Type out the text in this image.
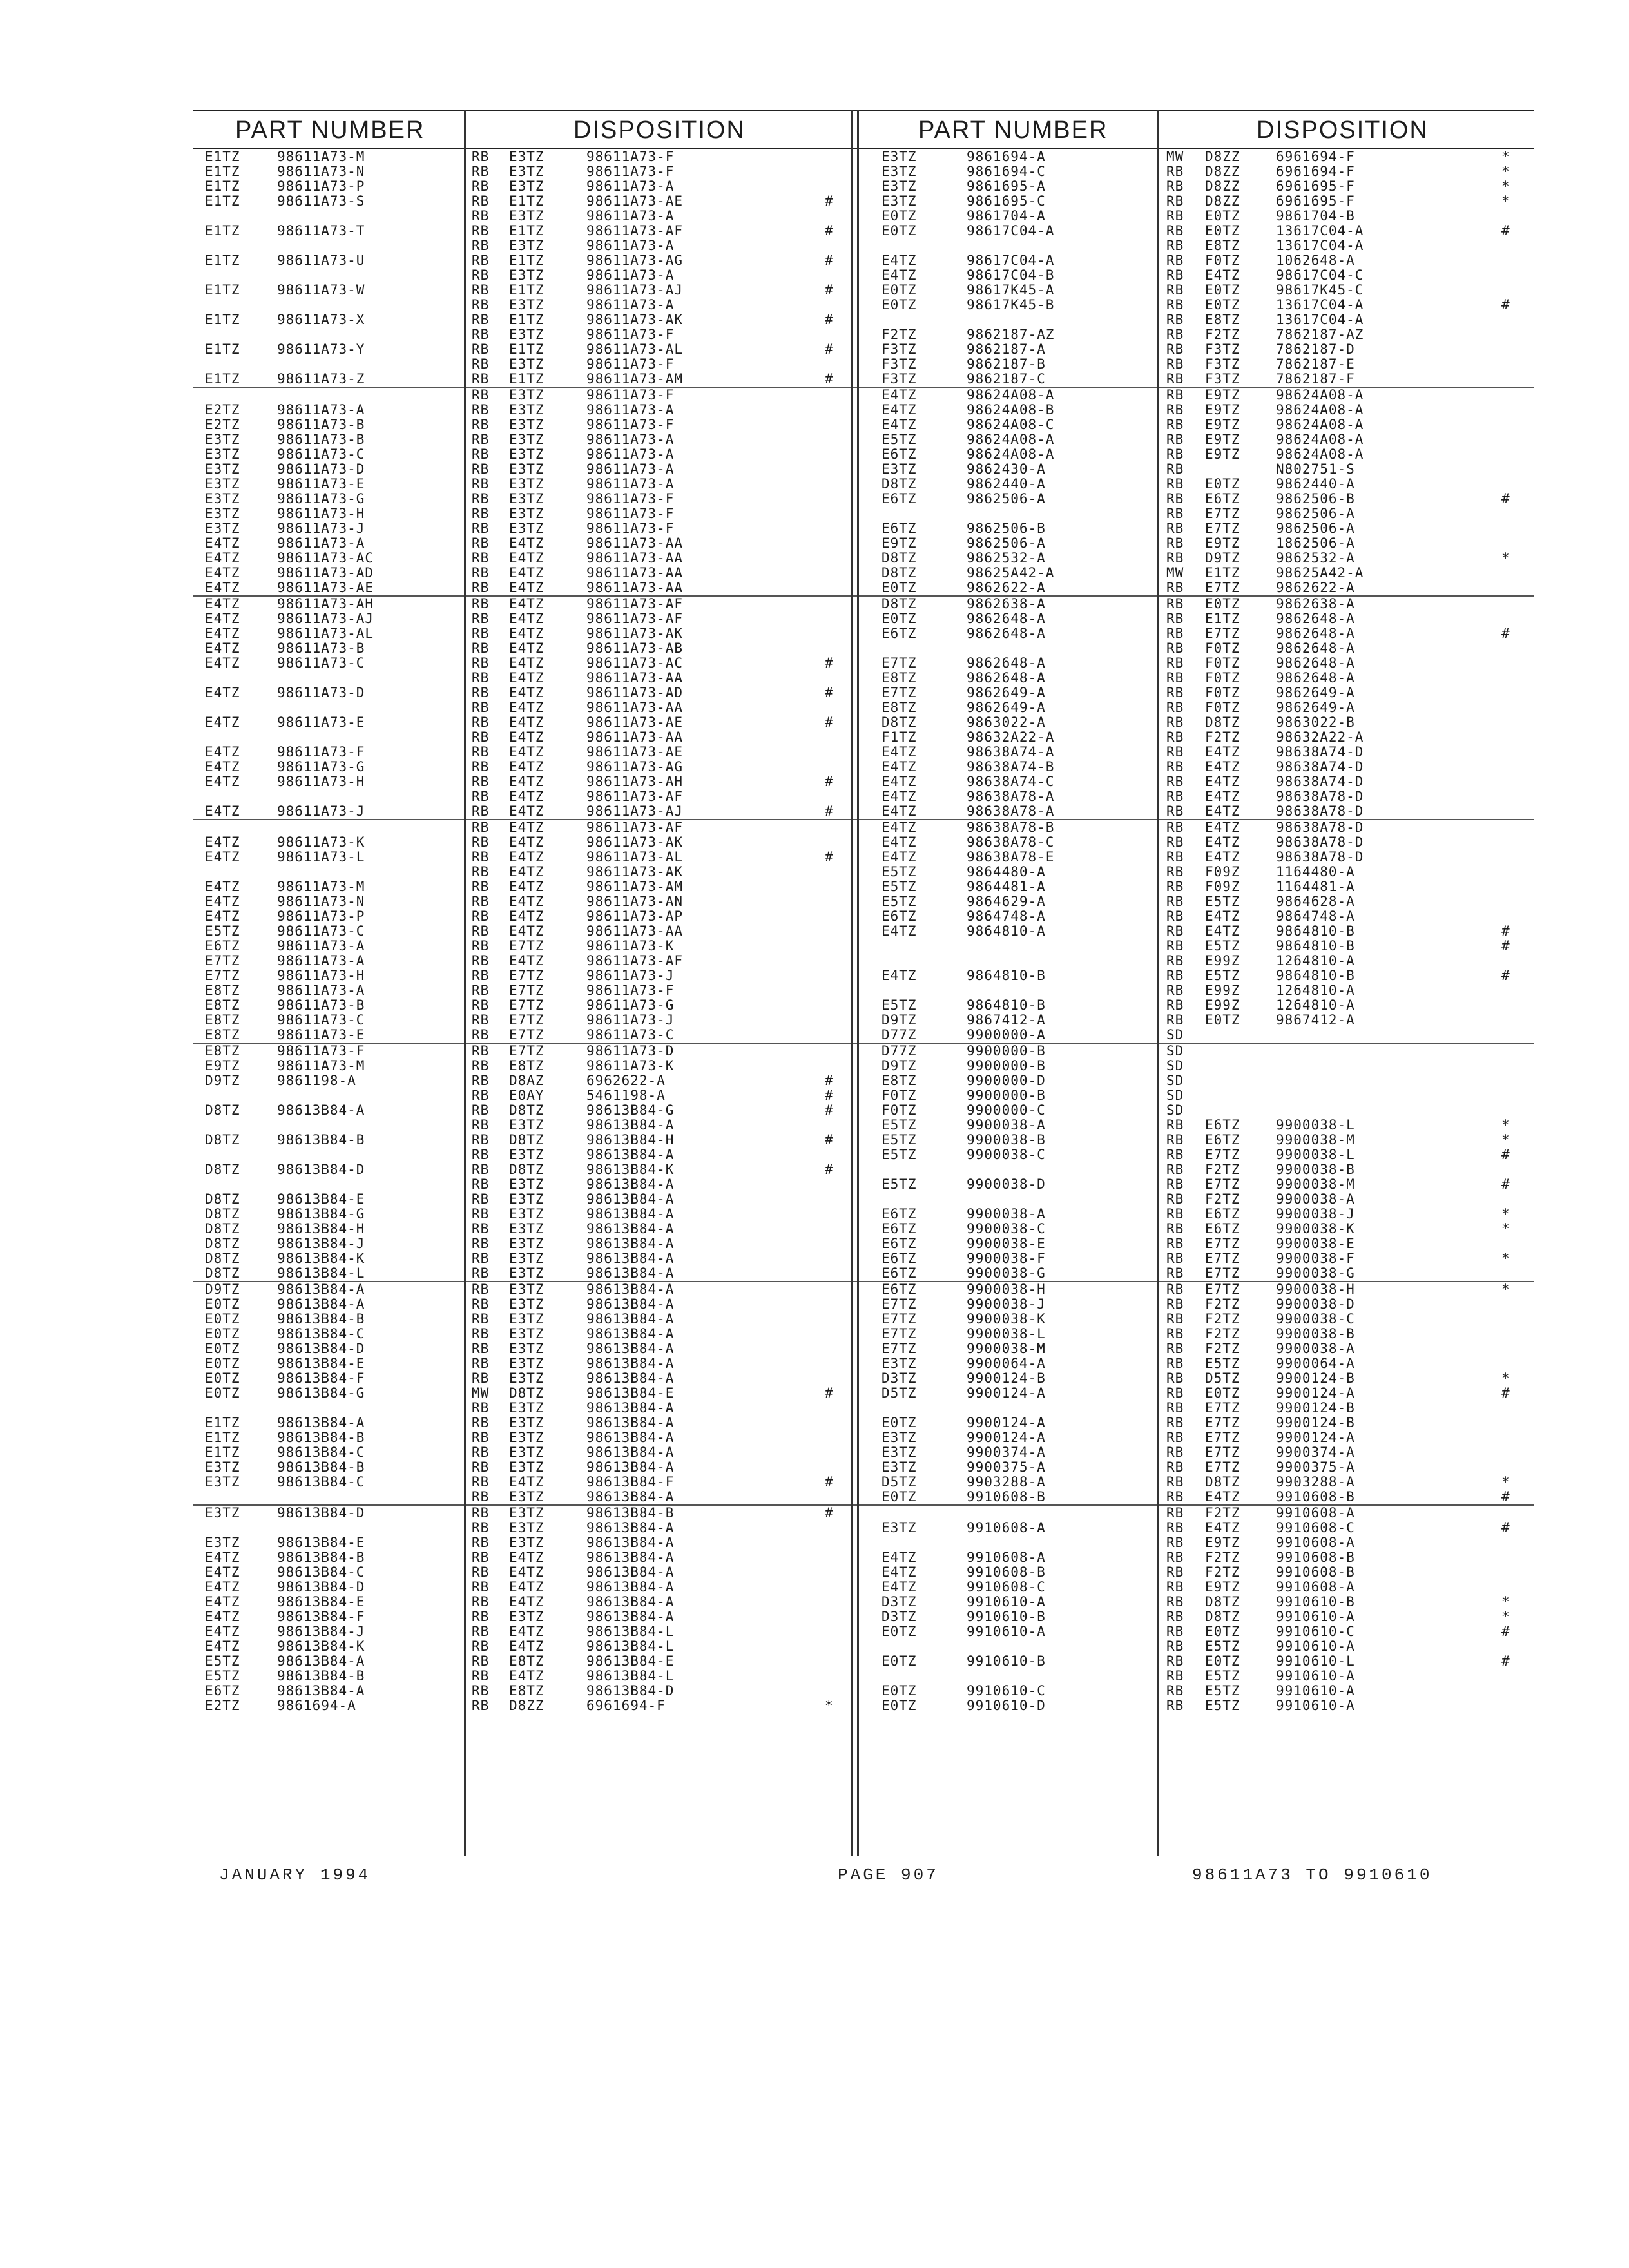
PART NUMBER	DISPOSITION
E1TZ	98611A73-M	RB E3TZ	98611A73-F
E1TZ	98611A73-N	RB E3TZ	98611A73-F
E1TZ	98611A73-P	RB E3TZ	98611A73-A
E1TZ	98611A73-S	RB E1TZ	98611A73-AE	#
RB E3TZ	98611A73-A
E1TZ	98611A73-T	RB E1TZ	98611A73-AF	#
RB E3TZ	98611A73-A
E1TZ	98611A73-U	RB E1TZ	98611A73-AG	#
RB E3TZ	98611A73-A
E1TZ	98611A73-W	RB E1TZ	98611A73-AJ	#
RB E3TZ	98611A73-A
E1TZ	98611A73-X	RB E1TZ	98611A73-AK	#
RB E3TZ	98611A73-F
E1TZ	98611A73-Y	RB E1TZ	98611A73-AL	#
RB E3TZ	98611A73-F
E1TZ	98611A73-Z	RB E1TZ	98611A73-AM	#
RB E3TZ	98611A73-F
E2TZ	98611A73-A	RB E3TZ	98611A73-A
E2TZ	98611A73-B	RB E3TZ	98611A73-F
E3TZ	98611A73-B	RB E3TZ	98611A73-A
E3TZ	98611A73-C	RB E3TZ	98611A73-A
E3TZ	98611A73-D	RB E3TZ	98611A73-A
E3TZ	98611A73-E	RB E3TZ	98611A73-A
E3TZ	98611A73-G	RB E3TZ	98611A73-F
E3TZ	98611A73-H	RB E3TZ	98611A73-F
E3TZ	98611A73-J	RB E3TZ	98611A73-F
E4TZ	98611A73-A	RB E4TZ	98611A73-AA
E4TZ	98611A73-AC	RB E4TZ	98611A73-AA
E4TZ	98611A73-AD	RB E4TZ	98611A73-AA
E4TZ	98611A73-AE	RB E4TZ	98611A73-AA
E4TZ	98611A73-AH	RB E4TZ	98611A73-AF
E4TZ	98611A73-AJ	RB E4TZ	98611A73-AF
E4TZ	98611A73-AL	RB E4TZ	98611A73-AK
E4TZ	98611A73-B	RB E4TZ	98611A73-AB
E4TZ	98611A73-C	RB E4TZ	98611A73-AC	#
RB E4TZ	98611A73-AA
E4TZ	98611A73-D	RB E4TZ	98611A73-AD	#
RB E4TZ	98611A73-AA
E4TZ	98611A73-E	RB E4TZ	98611A73-AE	#
RB E4TZ	98611A73-AA
E4TZ	98611A73-F	RB E4TZ	98611A73-AE
E4TZ	98611A73-G	RB E4TZ	98611A73-AG
E4TZ	98611A73-H	RB E4TZ	98611A73-AH	#
RB E4TZ	98611A73-AF
E4TZ	98611A73-J	RB E4TZ	98611A73-AJ	#
RB E4TZ	98611A73-AF
E4TZ	98611A73-K	RB E4TZ	98611A73-AK
E4TZ	98611A73-L	RB E4TZ	98611A73-AL	#
RB E4TZ	98611A73-AK
E4TZ	98611A73-M	RB E4TZ	98611A73-AM
E4TZ	98611A73-N	RB E4TZ	98611A73-AN
E4TZ	98611A73-P	RB E4TZ	98611A73-AP
E5TZ	98611A73-C	RB E4TZ	98611A73-AA
E6TZ	98611A73-A	RB E7TZ	98611A73-K
E7TZ	98611A73-A	RB E4TZ	98611A73-AF
E7TZ	98611A73-H	RB E7TZ	98611A73-J
E8TZ	98611A73-A	RB E7TZ	98611A73-F
E8TZ	98611A73-B	RB E7TZ	98611A73-G
E8TZ	98611A73-C	RB E7TZ	98611A73-J
E8TZ	98611A73-E	RB E7TZ	98611A73-C
E8TZ	98611A73-F	RB E7TZ	98611A73-D
E9TZ	98611A73-M	RB E8TZ	98611A73-K
D9TZ	9861198-A	RB D8AZ	6962622-A	#
RB E0AY	5461198-A	#
D8TZ	98613B84-A	RB D8TZ	98613B84-G	#
RB E3TZ	98613B84-A
D8TZ	98613B84-B	RB D8TZ	98613B84-H	#
RB E3TZ	98613B84-A
D8TZ	98613B84-D	RB D8TZ	98613B84-K	#
RB E3TZ	98613B84-A
D8TZ	98613B84-E	RB E3TZ	98613B84-A
D8TZ	98613B84-G	RB E3TZ	98613B84-A
D8TZ	98613B84-H	RB E3TZ	98613B84-A
D8TZ	98613B84-J	RB E3TZ	98613B84-A
D8TZ	98613B84-K	RB E3TZ	98613B84-A
D8TZ	98613B84-L	RB E3TZ	98613B84-A
D9TZ	98613B84-A	RB E3TZ	98613B84-A
E0TZ	98613B84-A	RB E3TZ	98613B84-A
E0TZ	98613B84-B	RB E3TZ	98613B84-A
E0TZ	98613B84-C	RB E3TZ	98613B84-A
E0TZ	98613B84-D	RB E3TZ	98613B84-A
E0TZ	98613B84-E	RB E3TZ	98613B84-A
E0TZ	98613B84-F	RB E3TZ	98613B84-A
E0TZ	98613B84-G	MW D8TZ	98613B84-E	#
RB E3TZ	98613B84-A
E1TZ	98613B84-A	RB E3TZ	98613B84-A
E1TZ	98613B84-B	RB E3TZ	98613B84-A
E1TZ	98613B84-C	RB E3TZ	98613B84-A
E3TZ	98613B84-B	RB E3TZ	98613B84-A
E3TZ	98613B84-C	RB E4TZ	98613B84-F	#
RB E3TZ	98613B84-A
E3TZ	98613B84-D	RB E3TZ	98613B84-B	#
RB E3TZ	98613B84-A
E3TZ	98613B84-E	RB E3TZ	98613B84-A
E4TZ	98613B84-B	RB E4TZ	98613B84-A
E4TZ	98613B84-C	RB E4TZ	98613B84-A
E4TZ	98613B84-D	RB E4TZ	98613B84-A
E4TZ	98613B84-E	RB E4TZ	98613B84-A
E4TZ	98613B84-F	RB E3TZ	98613B84-A
E4TZ	98613B84-J	RB E4TZ	98613B84-L
E4TZ	98613B84-K	RB E4TZ	98613B84-L
E5TZ	98613B84-A	RB E8TZ	98613B84-E
E5TZ	98613B84-B	RB E4TZ	98613B84-L
E6TZ	98613B84-A	RB E8TZ	98613B84-D
E2TZ	9861694-A	RB D8ZZ	6961694-F	*
PART NUMBER	DISPOSITION
E3TZ	9861694-A	MW D8ZZ	6961694-F	*
E3TZ	9861694-C	RB D8ZZ	6961694-F	*
E3TZ	9861695-A	RB D8ZZ	6961695-F	*
E3TZ	9861695-C	RB D8ZZ	6961695-F	*
E0TZ	9861704-A	RB E0TZ	9861704-B
E0TZ	98617C04-A	RB E0TZ	13617C04-A	#
RB E8TZ	13617C04-A
E4TZ	98617C04-A	RB F0TZ	1062648-A
E4TZ	98617C04-B	RB E4TZ	98617C04-C
E0TZ	98617K45-A	RB E0TZ	98617K45-C
E0TZ	98617K45-B	RB E0TZ	13617C04-A	#
RB E8TZ	13617C04-A
F2TZ	9862187-AZ	RB F2TZ	7862187-AZ
F3TZ	9862187-A	RB F3TZ	7862187-D
F3TZ	9862187-B	RB F3TZ	7862187-E
F3TZ	9862187-C	RB F3TZ	7862187-F
E4TZ	98624A08-A	RB E9TZ	98624A08-A
E4TZ	98624A08-B	RB E9TZ	98624A08-A
E4TZ	98624A08-C	RB E9TZ	98624A08-A
E5TZ	98624A08-A	RB E9TZ	98624A08-A
E6TZ	98624A08-A	RB E9TZ	98624A08-A
E3TZ	9862430-A	RB	N802751-S
D8TZ	9862440-A	RB E0TZ	9862440-A
E6TZ	9862506-A	RB E6TZ	9862506-B	#
RB E7TZ	9862506-A
E6TZ	9862506-B	RB E7TZ	9862506-A
E9TZ	9862506-A	RB E9TZ	1862506-A
D8TZ	9862532-A	RB D9TZ	9862532-A	*
D8TZ	98625A42-A	MW E1TZ	98625A42-A
E0TZ	9862622-A	RB E7TZ	9862622-A
D8TZ	9862638-A	RB E0TZ	9862638-A
E0TZ	9862648-A	RB E1TZ	9862648-A
E6TZ	9862648-A	RB E7TZ	9862648-A	#
RB F0TZ	9862648-A
E7TZ	9862648-A	RB F0TZ	9862648-A
E8TZ	9862648-A	RB F0TZ	9862648-A
E7TZ	9862649-A	RB F0TZ	9862649-A
E8TZ	9862649-A	RB F0TZ	9862649-A
D8TZ	9863022-A	RB D8TZ	9863022-B
F1TZ	98632A22-A	RB F2TZ	98632A22-A
E4TZ	98638A74-A	RB E4TZ	98638A74-D
E4TZ	98638A74-B	RB E4TZ	98638A74-D
E4TZ	98638A74-C	RB E4TZ	98638A74-D
E4TZ	98638A78-A	RB E4TZ	98638A78-D
E4TZ	98638A78-A	RB E4TZ	98638A78-D
E4TZ	98638A78-B	RB E4TZ	98638A78-D
E4TZ	98638A78-C	RB E4TZ	98638A78-D
E4TZ	98638A78-E	RB E4TZ	98638A78-D
E5TZ	9864480-A	RB F09Z	1164480-A
E5TZ	9864481-A	RB F09Z	1164481-A
E5TZ	9864629-A	RB E5TZ	9864628-A
E6TZ	9864748-A	RB E4TZ	9864748-A
E4TZ	9864810-A	RB E4TZ	9864810-B	#
RB E5TZ	9864810-B	#
RB E99Z	1264810-A
E4TZ	9864810-B	RB E5TZ	9864810-B	#
RB E99Z	1264810-A
E5TZ	9864810-B	RB E99Z	1264810-A
D9TZ	9867412-A	RB E0TZ	9867412-A
D77Z	9900000-A	SD
D77Z	9900000-B	SD
D9TZ	9900000-B	SD
E8TZ	9900000-D	SD
F0TZ	9900000-B	SD
F0TZ	9900000-C	SD
E5TZ	9900038-A	RB E6TZ	9900038-L	*
E5TZ	9900038-B	RB E6TZ	9900038-M	*
E5TZ	9900038-C	RB E7TZ	9900038-L	#
RB F2TZ	9900038-B
E5TZ	9900038-D	RB E7TZ	9900038-M	#
RB F2TZ	9900038-A
E6TZ	9900038-A	RB E6TZ	9900038-J	*
E6TZ	9900038-C	RB E6TZ	9900038-K	*
E6TZ	9900038-E	RB E7TZ	9900038-E
E6TZ	9900038-F	RB E7TZ	9900038-F	*
E6TZ	9900038-G	RB E7TZ	9900038-G
E6TZ	9900038-H	RB E7TZ	9900038-H	*
E7TZ	9900038-J	RB F2TZ	9900038-D
E7TZ	9900038-K	RB F2TZ	9900038-C
E7TZ	9900038-L	RB F2TZ	9900038-B
E7TZ	9900038-M	RB F2TZ	9900038-A
E3TZ	9900064-A	RB E5TZ	9900064-A
D3TZ	9900124-B	RB D5TZ	9900124-B	*
D5TZ	9900124-A	RB E0TZ	9900124-A	#
RB E7TZ	9900124-B
E0TZ	9900124-A	RB E7TZ	9900124-B
E3TZ	9900124-A	RB E7TZ	9900124-A
E3TZ	9900374-A	RB E7TZ	9900374-A
E3TZ	9900375-A	RB E7TZ	9900375-A
D5TZ	9903288-A	RB D8TZ	9903288-A	*
E0TZ	9910608-B	RB E4TZ	9910608-B	#
RB F2TZ	9910608-A
E3TZ	9910608-A	RB E4TZ	9910608-C	#
RB E9TZ	9910608-A
E4TZ	9910608-A	RB F2TZ	9910608-B
E4TZ	9910608-B	RB F2TZ	9910608-B
E4TZ	9910608-C	RB E9TZ	9910608-A
D3TZ	9910610-A	RB D8TZ	9910610-B	*
D3TZ	9910610-B	RB D8TZ	9910610-A	*
E0TZ	9910610-A	RB E0TZ	9910610-C	#
RB E5TZ	9910610-A
E0TZ	9910610-B	RB E0TZ	9910610-L	#
RB E5TZ	9910610-A
E0TZ	9910610-C	RB E5TZ	9910610-A
E0TZ	9910610-D	RB E5TZ	9910610-A
JANUARY 1994	PAGE 907	98611A73 TO 9910610
